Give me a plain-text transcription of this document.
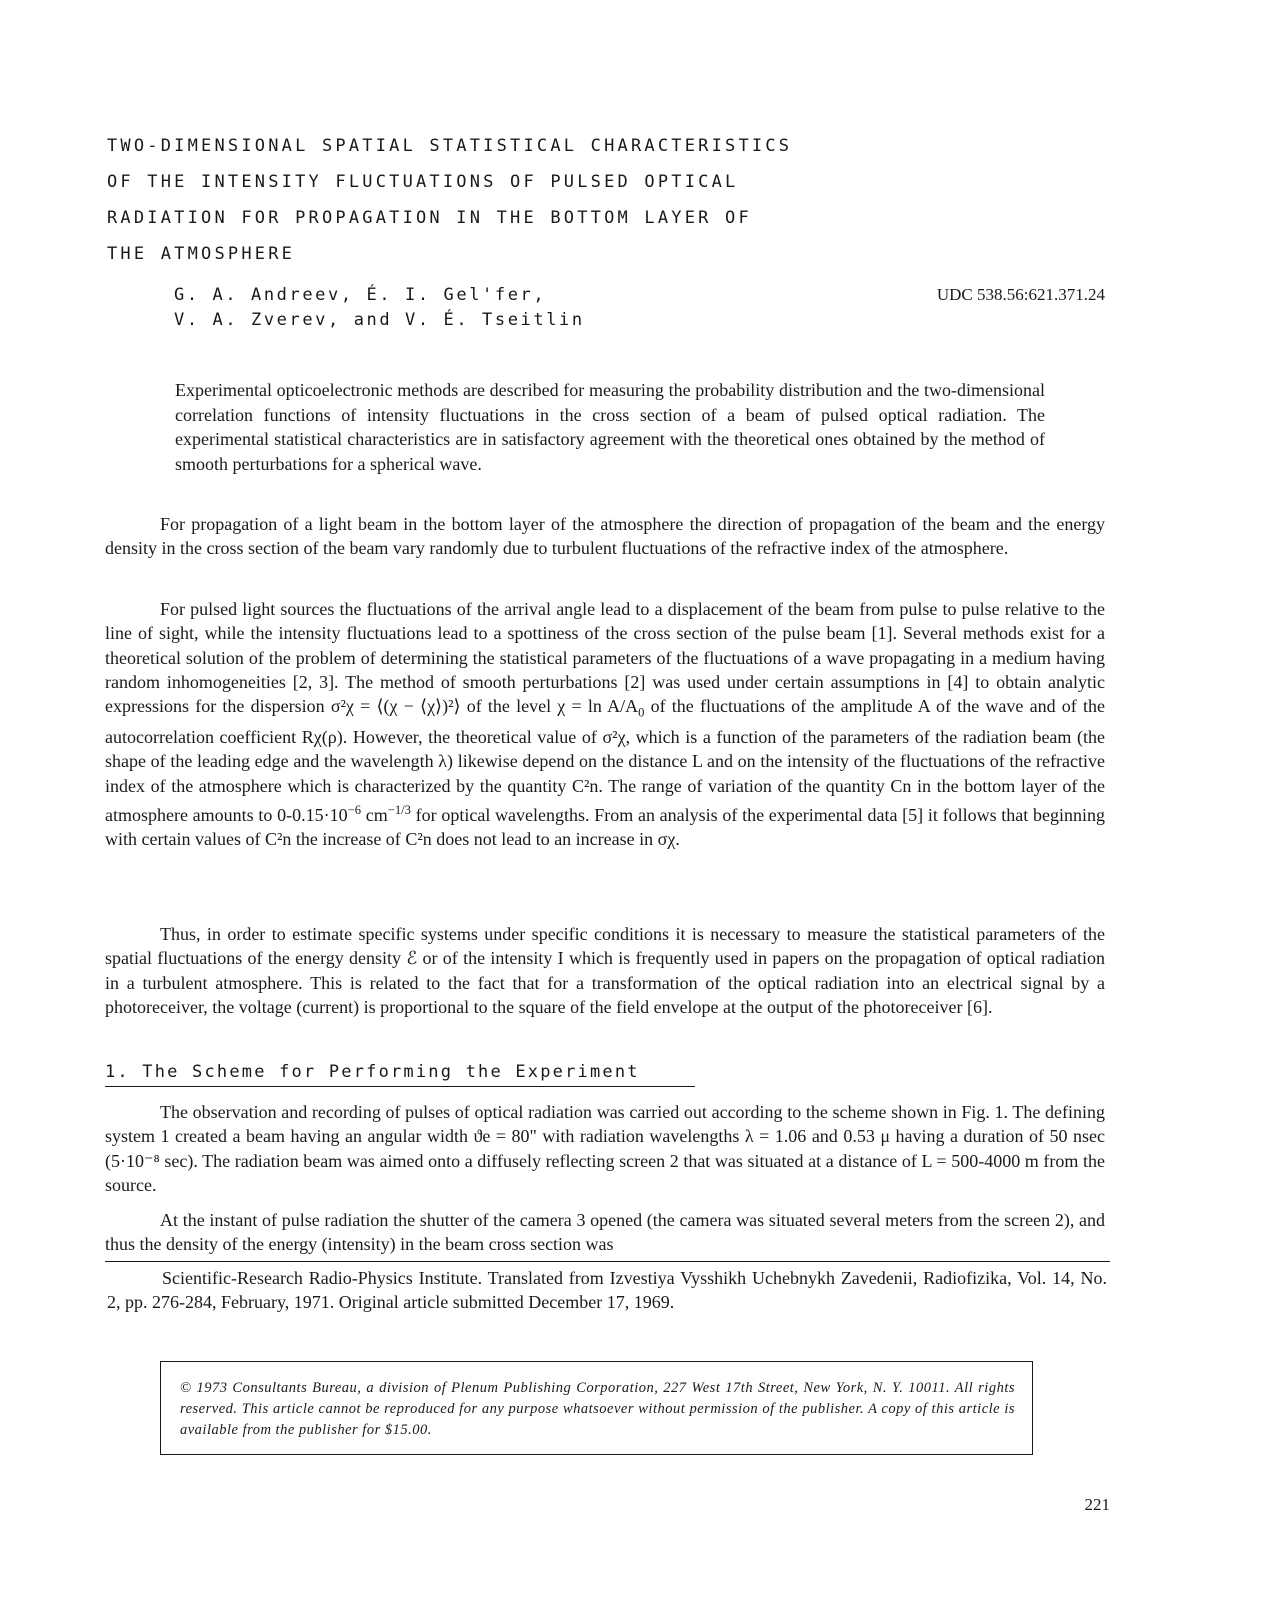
TWO-DIMENSIONAL SPATIAL STATISTICAL CHARACTERISTICS
OF THE INTENSITY FLUCTUATIONS OF PULSED OPTICAL
RADIATION FOR PROPAGATION IN THE BOTTOM LAYER OF
THE ATMOSPHERE
G. A. Andreev, É. I. Gel'fer,
V. A. Zverev, and V. É. Tseitlin
UDC 538.56:621.371.24

Experimental opticoelectronic methods are described for measuring the probability distribution and the two-dimensional correlation functions of intensity fluctuations in the cross section of a beam of pulsed optical radiation. The experimental statistical characteristics are in satisfactory agreement with the theoretical ones obtained by the method of smooth perturbations for a spherical wave.

For propagation of a light beam in the bottom layer of the atmosphere the direction of propagation of the beam and the energy density in the cross section of the beam vary randomly due to turbulent fluctuations of the refractive index of the atmosphere.

For pulsed light sources the fluctuations of the arrival angle lead to a displacement of the beam from pulse to pulse relative to the line of sight, while the intensity fluctuations lead to a spottiness of the cross section of the pulse beam [1]. Several methods exist for a theoretical solution of the problem of determining the statistical parameters of the fluctuations of a wave propagating in a medium having random inhomogeneities [2, 3]. The method of smooth perturbations [2] was used under certain assumptions in [4] to obtain analytic expressions for the dispersion σ²χ = ⟨(χ − ⟨χ⟩)²⟩ of the level $\chi = \ln A/A_0$ of the fluctuations of the amplitude A of the wave and of the autocorrelation coefficient Rχ(ρ). However, the theoretical value of σ²χ, which is a function of the parameters of the radiation beam (the shape of the leading edge and the wavelength λ) likewise depend on the distance L and on the intensity of the fluctuations of the refractive index of the atmosphere which is characterized by the quantity C²n. The range of variation of the quantity Cn in the bottom layer of the atmosphere amounts to $0-0.15\cdot 10^{-6}$ $cm^{-1/3}$ for optical wavelengths. From an analysis of the experimental data [5] it follows that beginning with certain values of C²n the increase of C²n does not lead to an increase in σχ.

Thus, in order to estimate specific systems under specific conditions it is necessary to measure the statistical parameters of the spatial fluctuations of the energy density ℰ or of the intensity I which is frequently used in papers on the propagation of optical radiation in a turbulent atmosphere. This is related to the fact that for a transformation of the optical radiation into an electrical signal by a photoreceiver, the voltage (current) is proportional to the square of the field envelope at the output of the photoreceiver [6].

1. The Scheme for Performing the Experiment

The observation and recording of pulses of optical radiation was carried out according to the scheme shown in Fig. 1. The defining system 1 created a beam having an angular width ϑe = 80" with radiation wavelengths λ = 1.06 and 0.53 μ having a duration of 50 nsec (5·10⁻⁸ sec). The radiation beam was aimed onto a diffusely reflecting screen 2 that was situated at a distance of L = 500-4000 m from the source.

At the instant of pulse radiation the shutter of the camera 3 opened (the camera was situated several meters from the screen 2), and thus the density of the energy (intensity) in the beam cross section was

Scientific-Research Radio-Physics Institute. Translated from Izvestiya Vysshikh Uchebnykh Zavedenii, Radiofizika, Vol. 14, No. 2, pp. 276-284, February, 1971. Original article submitted December 17, 1969.

© 1973 Consultants Bureau, a division of Plenum Publishing Corporation, 227 West 17th Street, New York, N. Y. 10011. All rights reserved. This article cannot be reproduced for any purpose whatsoever without permission of the publisher. A copy of this article is available from the publisher for $15.00.

221
